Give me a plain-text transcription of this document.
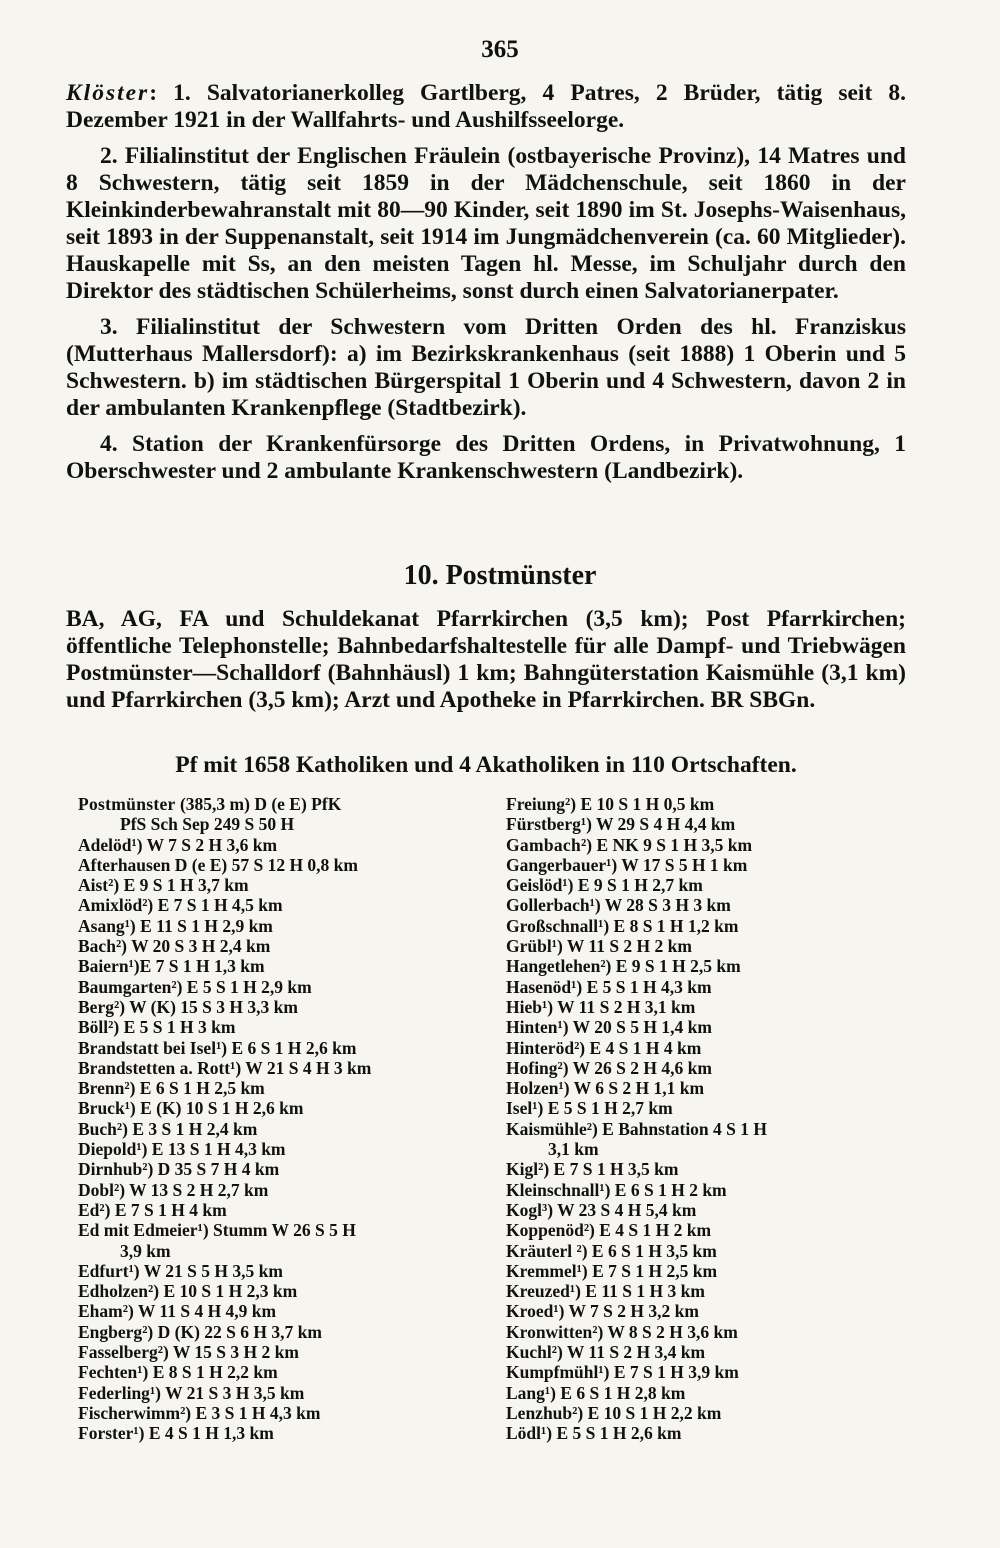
365

Klöster: 1. Salvatorianerkolleg Gartlberg, 4 Patres, 2 Brüder, tätig seit 8. Dezember 1921 in der Wallfahrts- und Aushilfsseelorge.

2. Filialinstitut der Englischen Fräulein (ostbayerische Provinz), 14 Matres und 8 Schwestern, tätig seit 1859 in der Mädchenschule, seit 1860 in der Kleinkinderbewahranstalt mit 80—90 Kinder, seit 1890 im St. Josephs-Waisenhaus, seit 1893 in der Suppenanstalt, seit 1914 im Jungmädchenverein (ca. 60 Mitglieder). Hauskapelle mit Ss, an den meisten Tagen hl. Messe, im Schuljahr durch den Direktor des städtischen Schülerheims, sonst durch einen Salvatorianerpater.

3. Filialinstitut der Schwestern vom Dritten Orden des hl. Franziskus (Mutterhaus Mallersdorf): a) im Bezirkskrankenhaus (seit 1888) 1 Oberin und 5 Schwestern. b) im städtischen Bürgerspital 1 Oberin und 4 Schwestern, davon 2 in der ambulanten Krankenpflege (Stadtbezirk).

4. Station der Krankenfürsorge des Dritten Ordens, in Privatwohnung, 1 Oberschwester und 2 ambulante Krankenschwestern (Landbezirk).

10. Postmünster

BA, AG, FA und Schuldekanat Pfarrkirchen (3,5 km); Post Pfarrkirchen; öffentliche Telephonstelle; Bahnbedarfshaltestelle für alle Dampf- und Triebwägen Postmünster—Schalldorf (Bahnhäusl) 1 km; Bahngüterstation Kaismühle (3,1 km) und Pfarrkirchen (3,5 km); Arzt und Apotheke in Pfarrkirchen. BR SBGn.

Pf mit 1658 Katholiken und 4 Akatholiken in 110 Ortschaften.
Postmünster (385,3 m) D (e E) PfK
PfS Sch Sep 249 S 50 H
Adelöd¹) W 7 S 2 H 3,6 km
Afterhausen D (e E) 57 S 12 H 0,8 km
Aist²) E 9 S 1 H 3,7 km
Amixlöd²) E 7 S 1 H 4,5 km
Asang¹) E 11 S 1 H 2,9 km
Bach²) W 20 S 3 H 2,4 km
Baiern¹)E 7 S 1 H 1,3 km
Baumgarten²) E 5 S 1 H 2,9 km
Berg²) W (K) 15 S 3 H 3,3 km
Böll²) E 5 S 1 H 3 km
Brandstatt bei Isel¹) E 6 S 1 H 2,6 km
Brandstetten a. Rott¹) W 21 S 4 H 3 km
Brenn²) E 6 S 1 H 2,5 km
Bruck¹) E (K) 10 S 1 H 2,6 km
Buch²) E 3 S 1 H 2,4 km
Diepold¹) E 13 S 1 H 4,3 km
Dirnhub²) D 35 S 7 H 4 km
Dobl²) W 13 S 2 H 2,7 km
Ed²) E 7 S 1 H 4 km
Ed mit Edmeier¹) Stumm W 26 S 5 H
3,9 km
Edfurt¹) W 21 S 5 H 3,5 km
Edholzen²) E 10 S 1 H 2,3 km
Eham²) W 11 S 4 H 4,9 km
Engberg²) D (K) 22 S 6 H 3,7 km
Fasselberg²) W 15 S 3 H 2 km
Fechten¹) E 8 S 1 H 2,2 km
Federling¹) W 21 S 3 H 3,5 km
Fischerwimm²) E 3 S 1 H 4,3 km
Forster¹) E 4 S 1 H 1,3 km
Freiung²) E 10 S 1 H 0,5 km
Fürstberg¹) W 29 S 4 H 4,4 km
Gambach²) E NK 9 S 1 H 3,5 km
Gangerbauer¹) W 17 S 5 H 1 km
Geislöd¹) E 9 S 1 H 2,7 km
Gollerbach¹) W 28 S 3 H 3 km
Großschnall¹) E 8 S 1 H 1,2 km
Grübl¹) W 11 S 2 H 2 km
Hangetlehen²) E 9 S 1 H 2,5 km
Hasenöd¹) E 5 S 1 H 4,3 km
Hieb¹) W 11 S 2 H 3,1 km
Hinten¹) W 20 S 5 H 1,4 km
Hinteröd²) E 4 S 1 H 4 km
Hofing²) W 26 S 2 H 4,6 km
Holzen¹) W 6 S 2 H 1,1 km
Isel¹) E 5 S 1 H 2,7 km
Kaismühle²) E Bahnstation 4 S 1 H
3,1 km
Kigl²) E 7 S 1 H 3,5 km
Kleinschnall¹) E 6 S 1 H 2 km
Kogl³) W 23 S 4 H 5,4 km
Koppenöd²) E 4 S 1 H 2 km
Kräuterl ²) E 6 S 1 H 3,5 km
Kremmel¹) E 7 S 1 H 2,5 km
Kreuzed¹) E 11 S 1 H 3 km
Kroed¹) W 7 S 2 H 3,2 km
Kronwitten²) W 8 S 2 H 3,6 km
Kuchl²) W 11 S 2 H 3,4 km
Kumpfmühl¹) E 7 S 1 H 3,9 km
Lang¹) E 6 S 1 H 2,8 km
Lenzhub²) E 10 S 1 H 2,2 km
Lödl¹) E 5 S 1 H 2,6 km
